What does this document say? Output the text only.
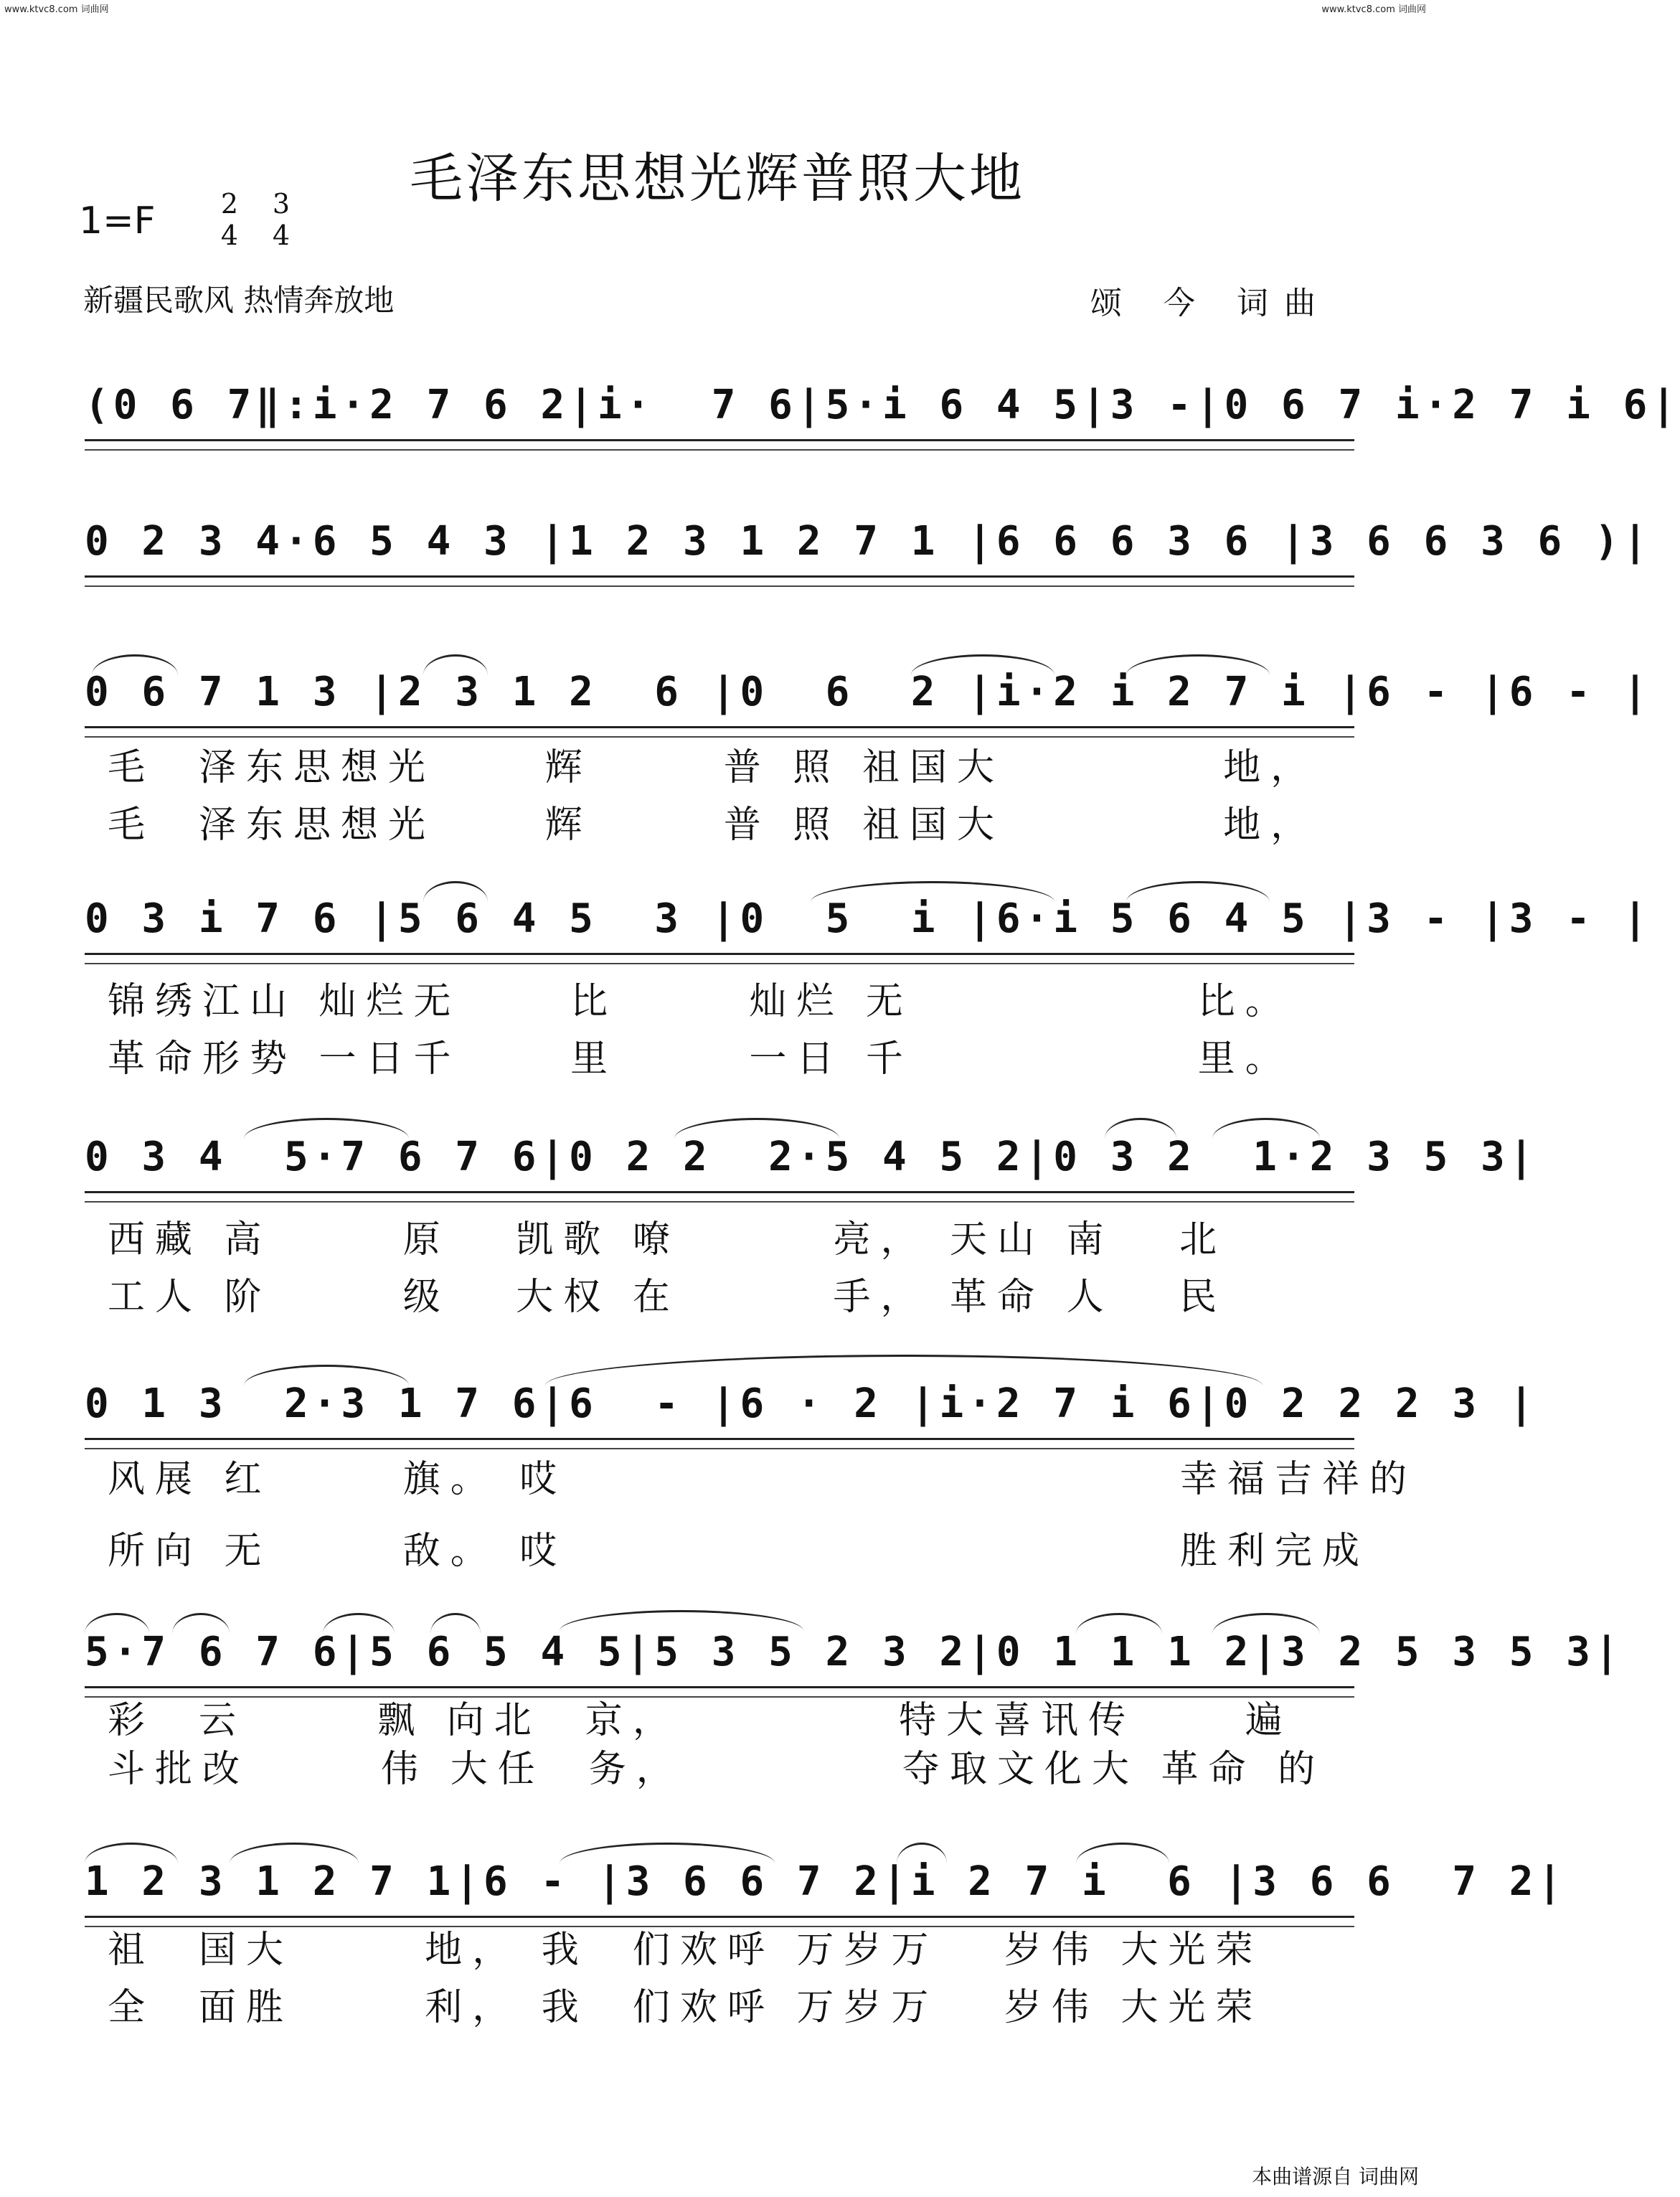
www.ktvc8.com 词曲网	www.ktvc8.com 词曲网
毛泽东思想光辉普照大地
1=F 2
4
3
4
新疆民歌风 热情奔放地	颂 今 词曲
(0 6 7‖:i·2 7 6 2|i·  7 6|5·i 6 4 5|3 -|0 6 7 i·2 7 i 6|
0 2 3 4·6 5 4 3 |1 2 3 1 2 7 1 |6 6 6 3 6 |3 6 6 3 6 )|
0 6 7 1 3 |2 3 1 2  6 |0  6  2 |i·2 i 2 7 i |6 - |6 - |
毛  泽东思想光     辉      普 照 祖国大          地，
毛  泽东思想光     辉      普 照 祖国大          地，
0 3 i 7 6 |5 6 4 5  3 |0  5  i |6·i 5 6 4 5 |3 - |3 - |
锦绣江山 灿烂无     比      灿烂 无             比。
革命形势 一日千     里      一日 千             里。
0 3 4  5·7 6 7 6|0 2 2  2·5 4 5 2|0 3 2  1·2 3 5 3|
西藏 高      原   凯歌 嘹       亮， 天山 南   北
工人 阶      级   大权 在       手， 革命 人   民
0 1 3  2·3 1 7 6|6  - |6 · 2 |i·2 7 i 6|0 2 2 2 3 |
风展 红      旗。 哎                            幸福吉祥的
所向 无      敌。 哎                            胜利完成
5·7 6 7 6|5 6 5 4 5|5 3 5 2 3 2|0 1 1 1 2|3 2 5 3 5 3|
彩  云      飘 向北  京，          特大喜讯传     遍
斗批改      伟 大任  务，          夺取文化大 革命 的
1 2 3 1 2 7 1|6 - |3 6 6 7 2|i 2 7 i  6 |3 6 6  7 2|
祖  国大      地， 我  们欢呼 万岁万   岁伟 大光荣
全  面胜      利， 我  们欢呼 万岁万   岁伟 大光荣
本曲谱源自 词曲网
